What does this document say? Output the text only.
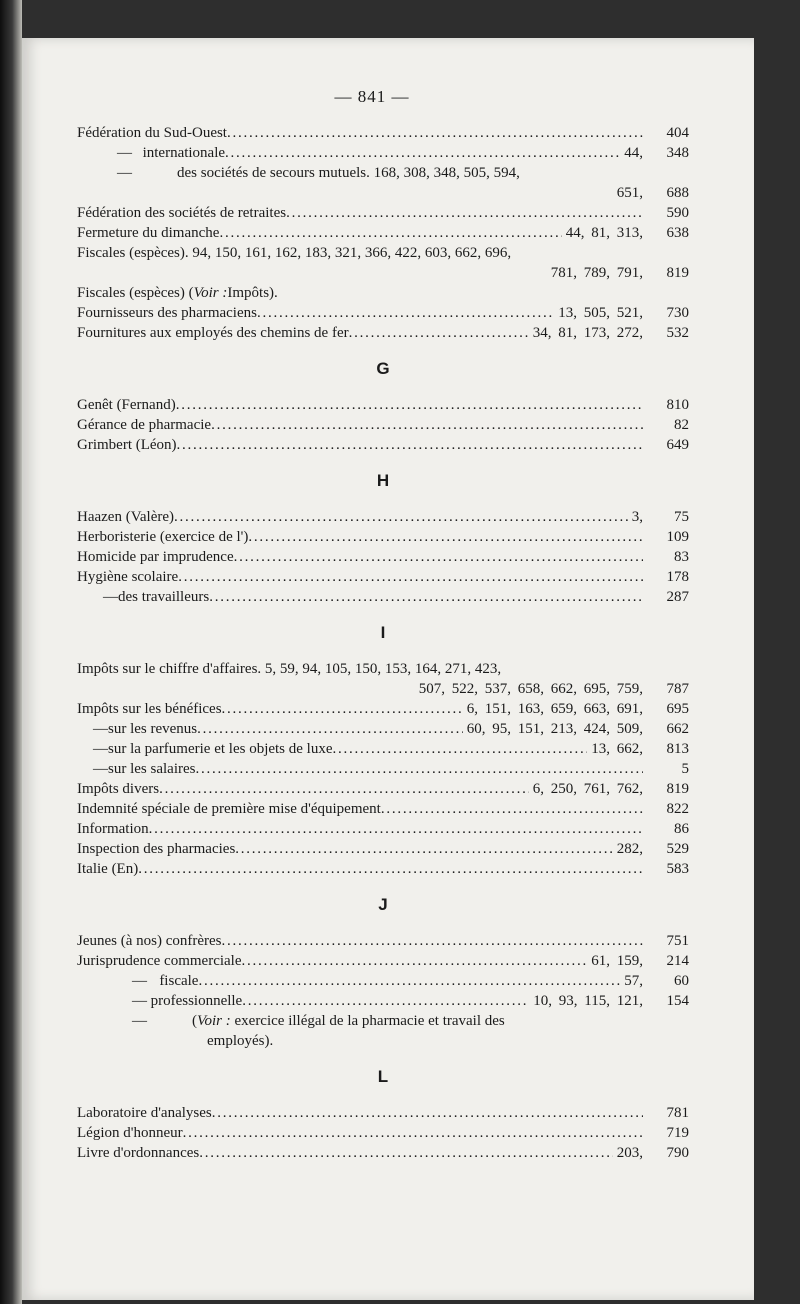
— 841 —
Fédération du Sud-Ouest . . .	404
— internationale . . .	44,	348
—	des sociétés de secours mutuels. 168, 308, 348, 505, 594,
651,	688
Fédération des sociétés de retraites . . .	590
Fermeture du dimanche . . .	44, 81, 313,	638
Fiscales (espèces). 94, 150, 161, 162, 183, 321, 366, 422, 603, 662, 696,
781, 789, 791,	819
Fiscales (espèces) ( Voir : Impôts).
Fournisseurs des pharmaciens . . .	13, 505, 521,	730
Fournitures aux employés des chemins de fer . . .	34, 81, 173, 272,	532
G
Genêt (Fernand) . . .	810
Gérance de pharmacie . . .	82
Grimbert (Léon) . . .	649
H
Haazen (Valère) . . .	3,	75
Herboristerie (exercice de l') . . .	109
Homicide par imprudence . . .	83
Hygiène scolaire . . .	178
— des travailleurs . . .	287
I
Impôts sur le chiffre d'affaires. 5, 59, 94, 105, 150, 153, 164, 271, 423,
507, 522, 537, 658, 662, 695, 759,	787
Impôts sur les bénéfices . . .	6, 151, 163, 659, 663, 691,	695
— sur les revenus . . .	60, 95, 151, 213, 424, 509,	662
— sur la parfumerie et les objets de luxe . . .	13, 662,	813
— sur les salaires . . .	5
Impôts divers . . .	6, 250, 761, 762,	819
Indemnité spéciale de première mise d'équipement . . .	822
Information . . .	86
Inspection des pharmacies . . .	282,	529
Italie (En) . . .	583
J
Jeunes (à nos) confrères . . .	751
Jurisprudence commerciale . . .	61, 159,	214
— fiscale . . .	57,	60
— professionnelle . . .	10, 93, 115, 121,	154
—	(Voir : exercice illégal de la pharmacie et travail des
employés).
L
Laboratoire d'analyses . . .	781
Légion d'honneur . . .	719
Livre d'ordonnances . . .	203,	790
